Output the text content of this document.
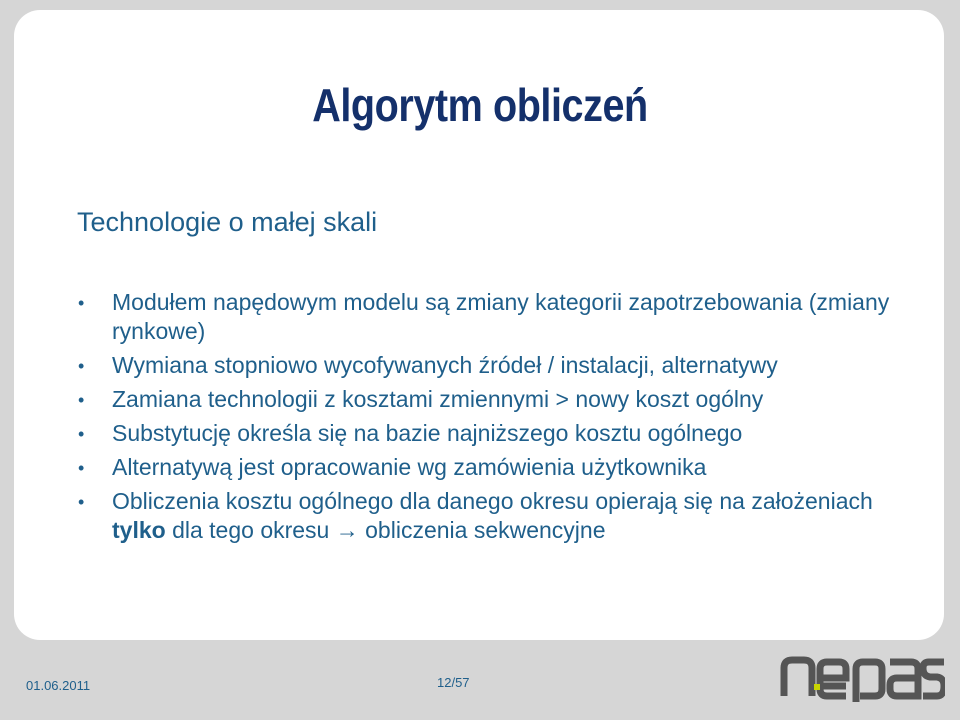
Algorytm obliczeń
Technologie o małej skali
• Modułem napędowym modelu są zmiany kategorii zapotrzebowania (zmiany rynkowe)
• Wymiana stopniowo wycofywanych źródeł / instalacji, alternatywy
• Zamiana technologii z kosztami zmiennymi > nowy koszt ogólny
• Substytucję określa się na bazie najniższego kosztu ogólnego
• Alternatywą jest opracowanie wg zamówienia użytkownika
• Obliczenia kosztu ogólnego dla danego okresu opierają się na założeniach tylko dla tego okresu → obliczenia sekwencyjne
01.06.2011	12/57
